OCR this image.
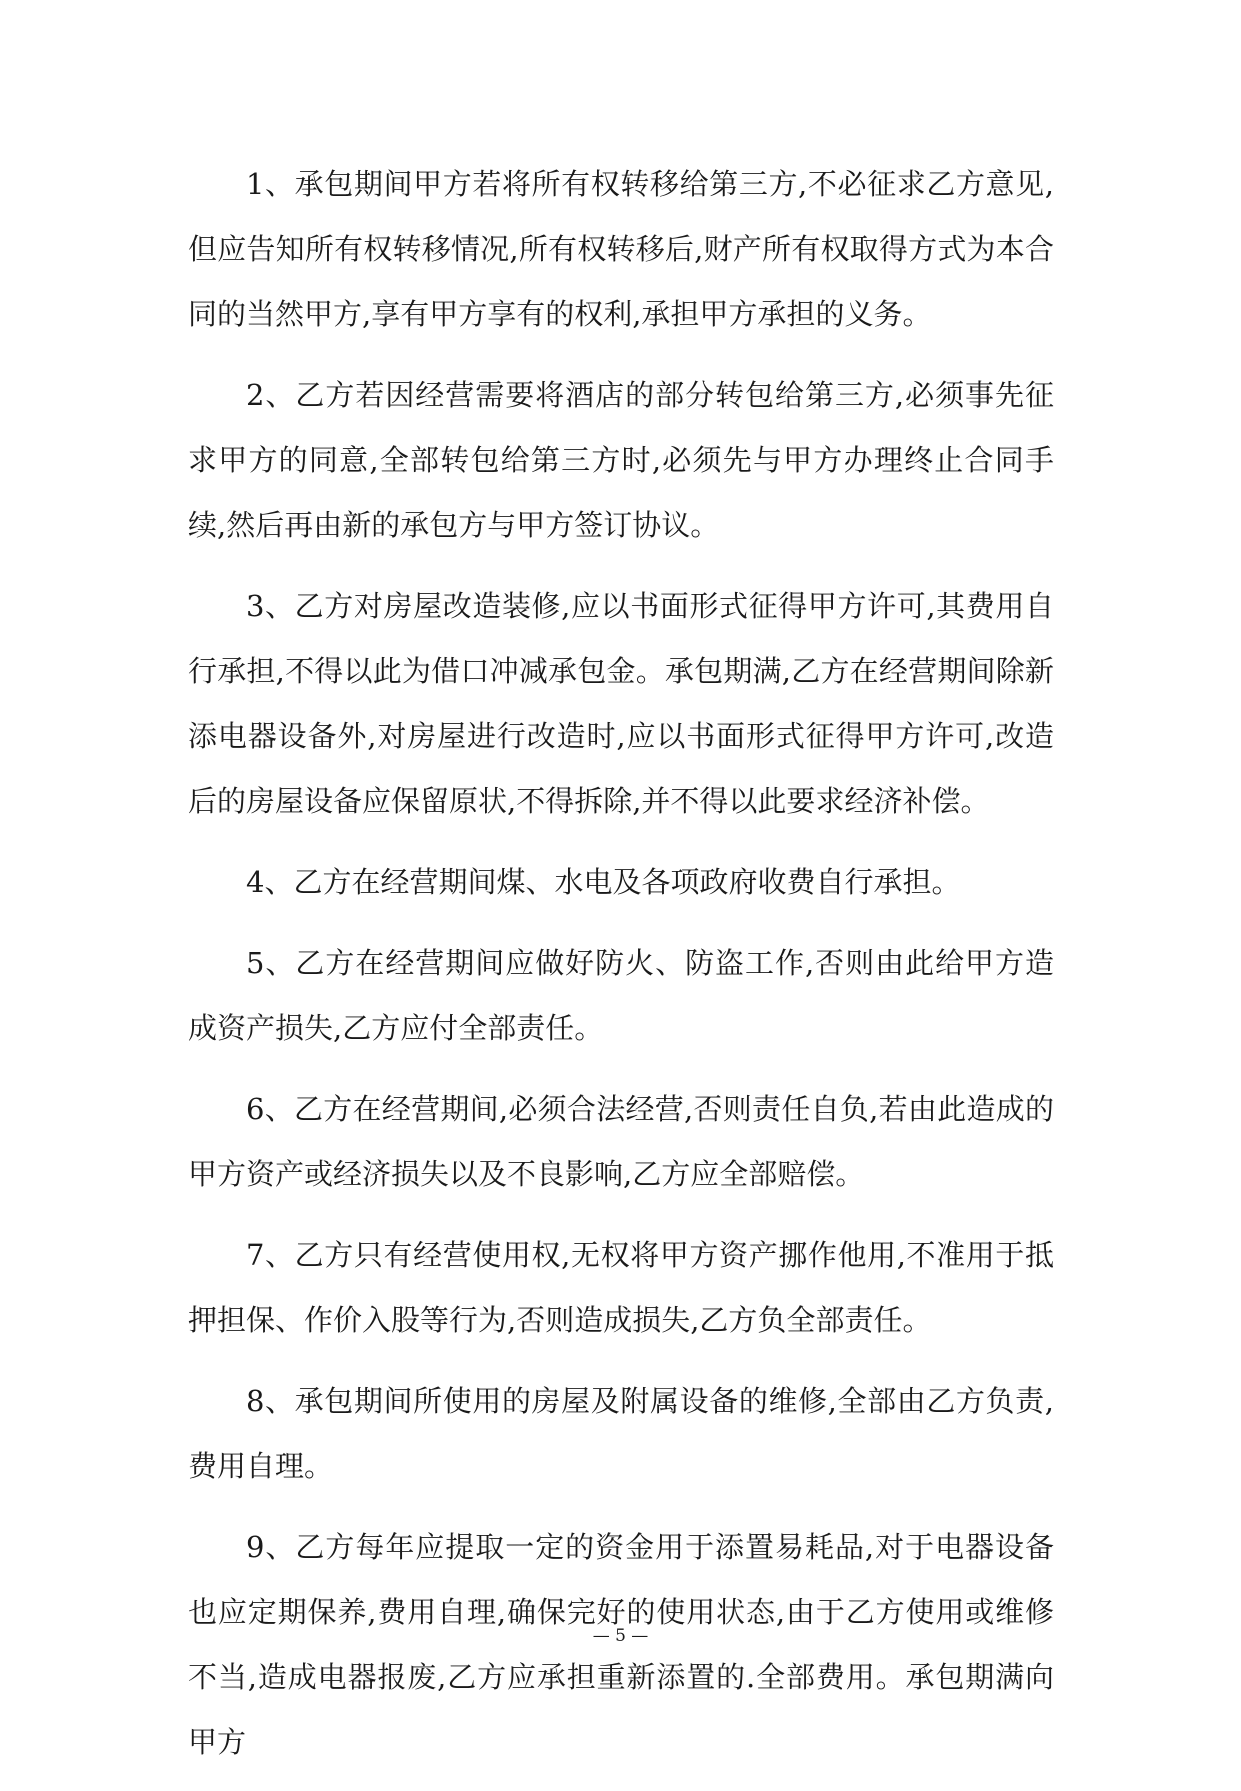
1、承包期间甲方若将所有权转移给第三方,不必征求乙方意见,但应告知所有权转移情况,所有权转移后,财产所有权取得方式为本合同的当然甲方,享有甲方享有的权利,承担甲方承担的义务。

2、乙方若因经营需要将酒店的部分转包给第三方,必须事先征求甲方的同意,全部转包给第三方时,必须先与甲方办理终止合同手续,然后再由新的承包方与甲方签订协议。

3、乙方对房屋改造装修,应以书面形式征得甲方许可,其费用自行承担,不得以此为借口冲减承包金。承包期满,乙方在经营期间除新添电器设备外,对房屋进行改造时,应以书面形式征得甲方许可,改造后的房屋设备应保留原状,不得拆除,并不得以此要求经济补偿。

4、乙方在经营期间煤、水电及各项政府收费自行承担。

5、乙方在经营期间应做好防火、防盗工作,否则由此给甲方造成资产损失,乙方应付全部责任。

6、乙方在经营期间,必须合法经营,否则责任自负,若由此造成的甲方资产或经济损失以及不良影响,乙方应全部赔偿。

7、乙方只有经营使用权,无权将甲方资产挪作他用,不准用于抵押担保、作价入股等行为,否则造成损失,乙方负全部责任。

8、承包期间所使用的房屋及附属设备的维修,全部由乙方负责,费用自理。

9、乙方每年应提取一定的资金用于添置易耗品,对于电器设备也应定期保养,费用自理,确保完好的使用状态,由于乙方使用或维修不当,造成电器报废,乙方应承担重新添置的.全部费用。承包期满向甲方

— 5 —
